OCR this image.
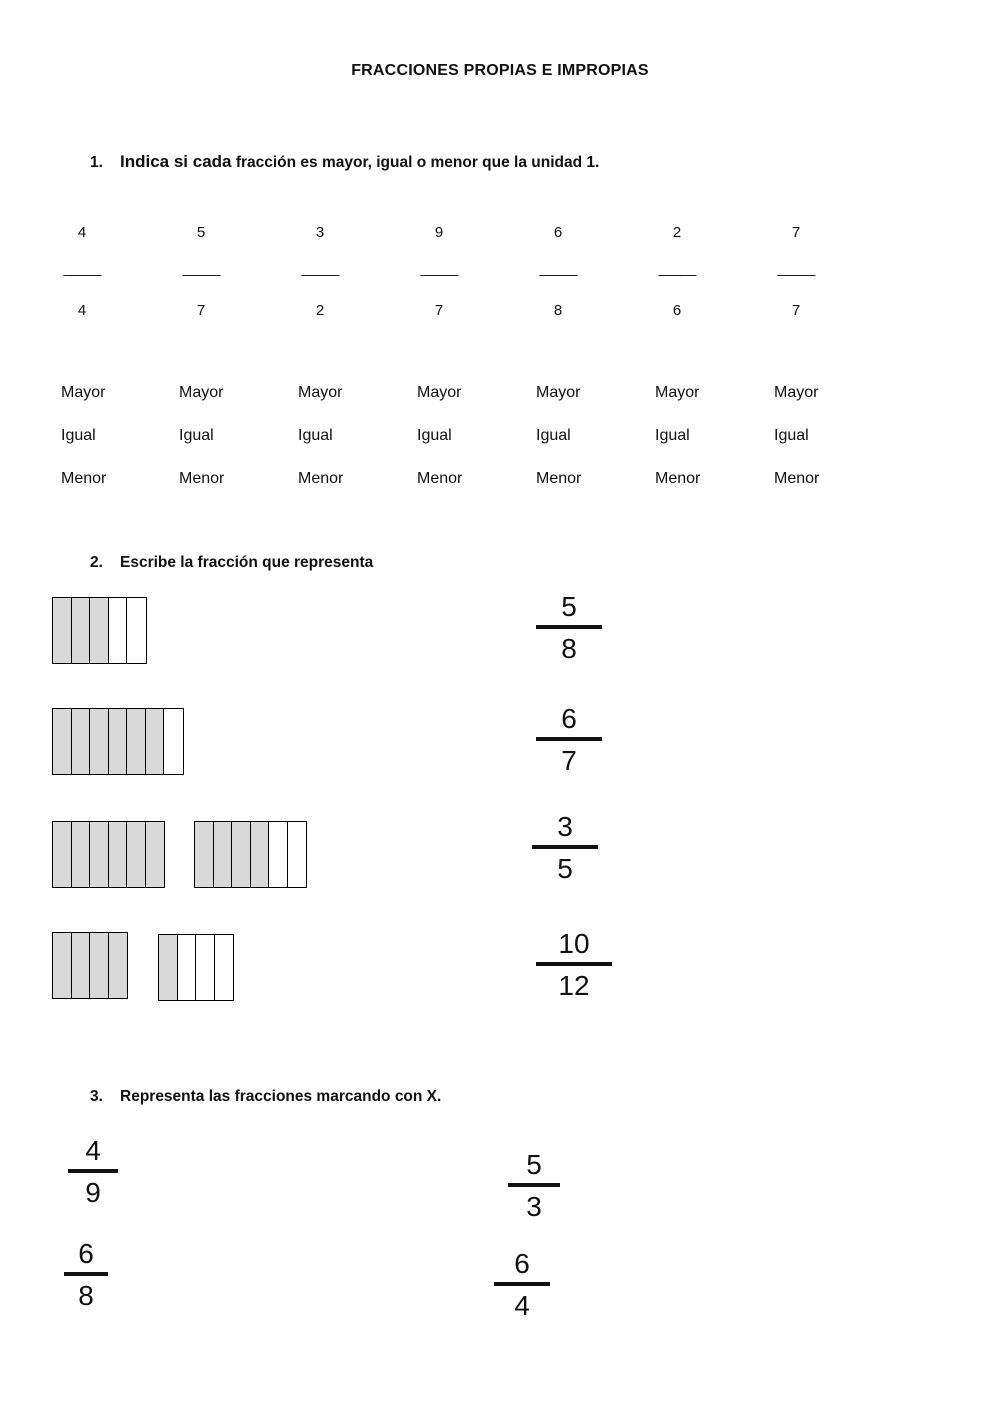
FRACCIONES PROPIAS E IMPROPIAS
1. Indica si cada fracción es mayor, igual o menor que la unidad 1.
4
_____
4
5
_____
7
3
_____
2
9
_____
7
6
_____
8
2
_____
6
7
_____
7
Mayor
Igual
Menor
Mayor
Igual
Menor
Mayor
Igual
Menor
Mayor
Igual
Menor
Mayor
Igual
Menor
Mayor
Igual
Menor
Mayor
Igual
Menor
2. Escribe la fracción que representa
5
8
6
7
3
5
10
12
3. Representa las fracciones marcando con X.
4
9
5
3
6
8
6
4
